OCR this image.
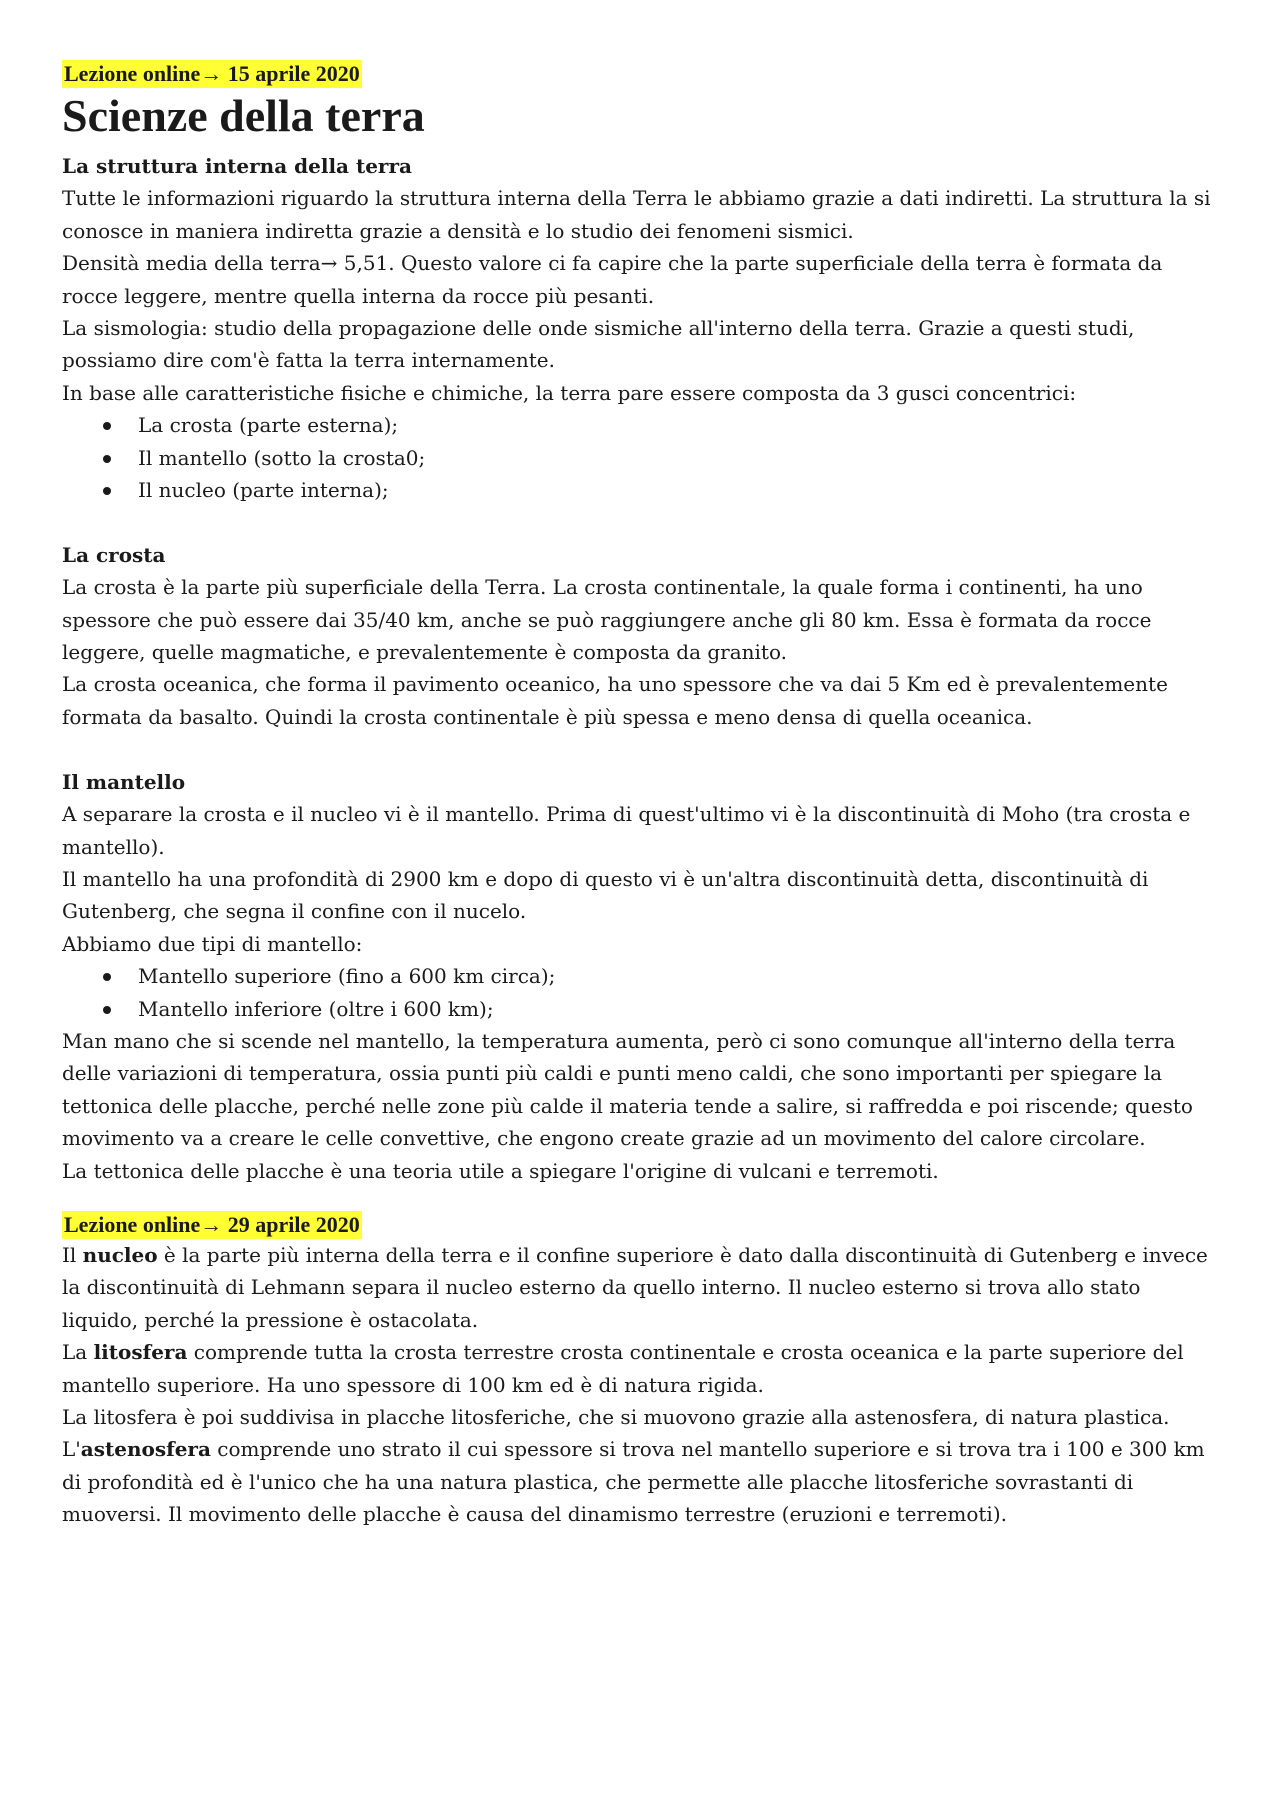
Lezione online→ 15 aprile 2020
Scienze della terra
La struttura interna della terra

Tutte le informazioni riguardo la struttura interna della Terra le abbiamo grazie a dati indiretti. La struttura la si conosce in maniera indiretta grazie a densità e lo studio dei fenomeni sismici.

Densità media della terra→ 5,51. Questo valore ci fa capire che la parte superficiale della terra è formata da rocce leggere, mentre quella interna da rocce più pesanti.

La sismologia: studio della propagazione delle onde sismiche all'interno della terra. Grazie a questi studi, possiamo dire com'è fatta la terra internamente.

In base alle caratteristiche fisiche e chimiche, la terra pare essere composta da 3 gusci concentrici:

La crosta (parte esterna);
Il mantello (sotto la crosta0;
Il nucleo (parte interna);
La crosta

La crosta è la parte più superficiale della Terra. La crosta continentale, la quale forma i continenti, ha uno spessore che può essere dai 35/40 km, anche se può raggiungere anche gli 80 km. Essa è formata da rocce leggere, quelle magmatiche, e prevalentemente è composta da granito.

La crosta oceanica, che forma il pavimento oceanico, ha uno spessore che va dai 5 Km ed è prevalentemente formata da basalto. Quindi la crosta continentale è più spessa e meno densa di quella oceanica.

Il mantello

A separare la crosta e il nucleo vi è il mantello. Prima di quest'ultimo vi è la discontinuità di Moho (tra crosta e mantello).

Il mantello ha una profondità di 2900 km e dopo di questo vi è un'altra discontinuità detta, discontinuità di Gutenberg, che segna il confine con il nucelo.

Abbiamo due tipi di mantello:

Mantello superiore (fino a 600 km circa);
Mantello inferiore (oltre i 600 km);

Man mano che si scende nel mantello, la temperatura aumenta, però ci sono comunque all'interno della terra delle variazioni di temperatura, ossia punti più caldi e punti meno caldi, che sono importanti per spiegare la tettonica delle placche, perché nelle zone più calde il materia tende a salire, si raffredda e poi riscende; questo movimento va a creare le celle convettive, che engono create grazie ad un movimento del calore circolare.

La tettonica delle placche è una teoria utile a spiegare l'origine di vulcani e terremoti.

Lezione online→ 29 aprile 2020

Il nucleo è la parte più interna della terra e il confine superiore è dato dalla discontinuità di Gutenberg e invece la discontinuità di Lehmann separa il nucleo esterno da quello interno. Il nucleo esterno si trova allo stato liquido, perché la pressione è ostacolata.

La litosfera comprende tutta la crosta terrestre crosta continentale e crosta oceanica e la parte superiore del mantello superiore. Ha uno spessore di 100 km ed è di natura rigida.

La litosfera è poi suddivisa in placche litosferiche, che si muovono grazie alla astenosfera, di natura plastica.

L'astenosfera comprende uno strato il cui spessore si trova nel mantello superiore e si trova tra i 100 e 300 km di profondità ed è l'unico che ha una natura plastica, che permette alle placche litosferiche sovrastanti di muoversi. Il movimento delle placche è causa del dinamismo terrestre (eruzioni e terremoti).
